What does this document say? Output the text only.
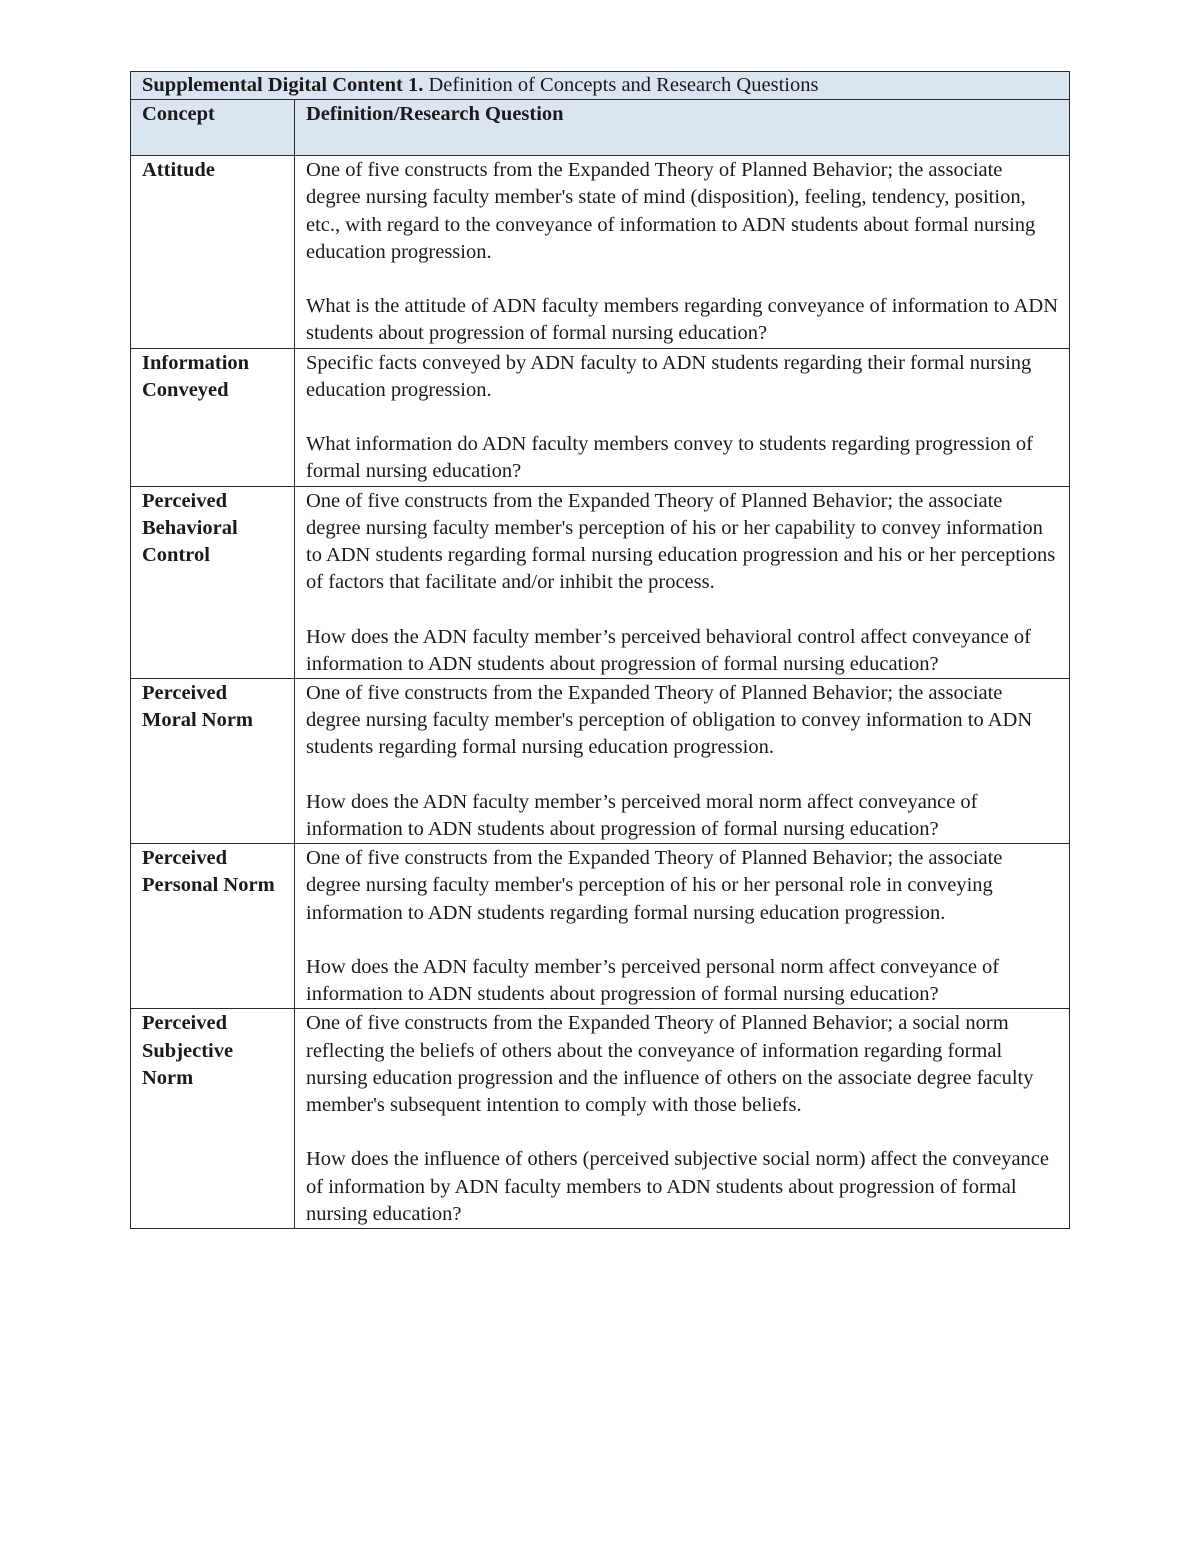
Supplemental Digital Content 1. Definition of Concepts and Research Questions	
Concept	Definition/Research Question
Attitude	One of five constructs from the Expanded Theory of Planned Behavior; the associate degree nursing faculty member's state of mind (disposition), feeling, tendency, position, etc., with regard to the conveyance of information to ADN students about formal nursing education progression.

What is the attitude of ADN faculty members regarding conveyance of information to ADN students about progression of formal nursing education?

Information Conveyed	Specific facts conveyed by ADN faculty to ADN students regarding their formal nursing education progression.

What information do ADN faculty members convey to students regarding progression of formal nursing education?

Perceived Behavioral Control	One of five constructs from the Expanded Theory of Planned Behavior; the associate degree nursing faculty member's perception of his or her capability to convey information to ADN students regarding formal nursing education progression and his or her perceptions of factors that facilitate and/or inhibit the process.

How does the ADN faculty member’s perceived behavioral control affect conveyance of information to ADN students about progression of formal nursing education?

Perceived Moral Norm	One of five constructs from the Expanded Theory of Planned Behavior; the associate degree nursing faculty member's perception of obligation to convey information to ADN students regarding formal nursing education progression.

How does the ADN faculty member’s perceived moral norm affect conveyance of information to ADN students about progression of formal nursing education?

Perceived Personal Norm	One of five constructs from the Expanded Theory of Planned Behavior; the associate degree nursing faculty member's perception of his or her personal role in conveying information to ADN students regarding formal nursing education progression.

How does the ADN faculty member’s perceived personal norm affect conveyance of information to ADN students about progression of formal nursing education?

Perceived Subjective Norm	One of five constructs from the Expanded Theory of Planned Behavior; a social norm reflecting the beliefs of others about the conveyance of information regarding formal nursing education progression and the influence of others on the associate degree faculty member's subsequent intention to comply with those beliefs.

How does the influence of others (perceived subjective social norm) affect the conveyance of information by ADN faculty members to ADN students about progression of formal nursing education?
